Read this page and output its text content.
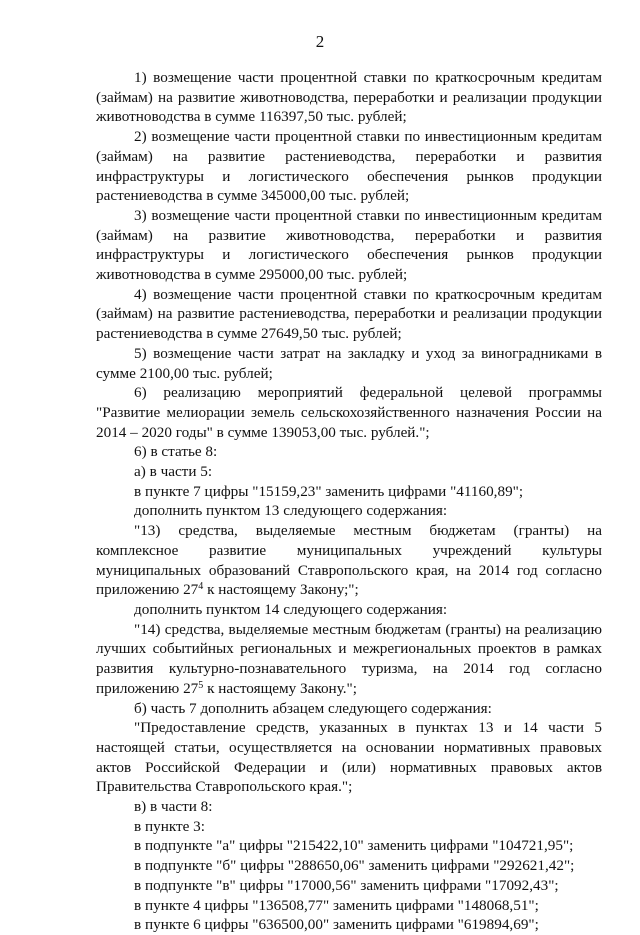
2

1) возмещение части процентной ставки по краткосрочным кредитам (займам) на развитие животноводства, переработки и реализации продукции животноводства в сумме 116397,50 тыс. рублей;

2) возмещение части процентной ставки по инвестиционным кредитам (займам) на развитие растениеводства, переработки и развития инфраструктуры и логистического обеспечения рынков продукции растениеводства в сумме 345000,00 тыс. рублей;

3) возмещение части процентной ставки по инвестиционным кредитам (займам) на развитие животноводства, переработки и развития инфраструктуры и логистического обеспечения рынков продукции животноводства в сумме 295000,00 тыс. рублей;

4) возмещение части процентной ставки по краткосрочным кредитам (займам) на развитие растениеводства, переработки и реализации продукции растениеводства в сумме 27649,50 тыс. рублей;

5) возмещение части затрат на закладку и уход за виноградниками в сумме 2100,00 тыс. рублей;

6) реализацию мероприятий федеральной целевой программы "Развитие мелиорации земель сельскохозяйственного назначения России на 2014 – 2020 годы" в сумме 139053,00 тыс. рублей.";

6) в статье 8:

а) в части 5:

в пункте 7 цифры "15159,23" заменить цифрами "41160,89";

дополнить пунктом 13 следующего содержания:

"13) средства, выделяемые местным бюджетам (гранты) на комплексное развитие муниципальных учреждений культуры муниципальных образований Ставропольского края, на 2014 год согласно приложению $27^4$ к настоящему Закону;";

дополнить пунктом 14 следующего содержания:

"14) средства, выделяемые местным бюджетам (гранты) на реализацию лучших событийных региональных и межрегиональных проектов в рамках развития культурно-познавательного туризма, на 2014 год согласно приложению $27^5$ к настоящему Закону.";

б) часть 7 дополнить абзацем следующего содержания:

"Предоставление средств, указанных в пунктах 13 и 14 части 5 настоящей статьи, осуществляется на основании нормативных правовых актов Российской Федерации и (или) нормативных правовых актов Правительства Ставропольского края.";

в) в части 8:

в пункте 3:

в подпункте "а" цифры "215422,10" заменить цифрами "104721,95";

в подпункте "б" цифры "288650,06" заменить цифрами "292621,42";

в подпункте "в" цифры "17000,56" заменить цифрами "17092,43";

в пункте 4 цифры "136508,77" заменить цифрами "148068,51";

в пункте 6 цифры "636500,00" заменить цифрами "619894,69";
